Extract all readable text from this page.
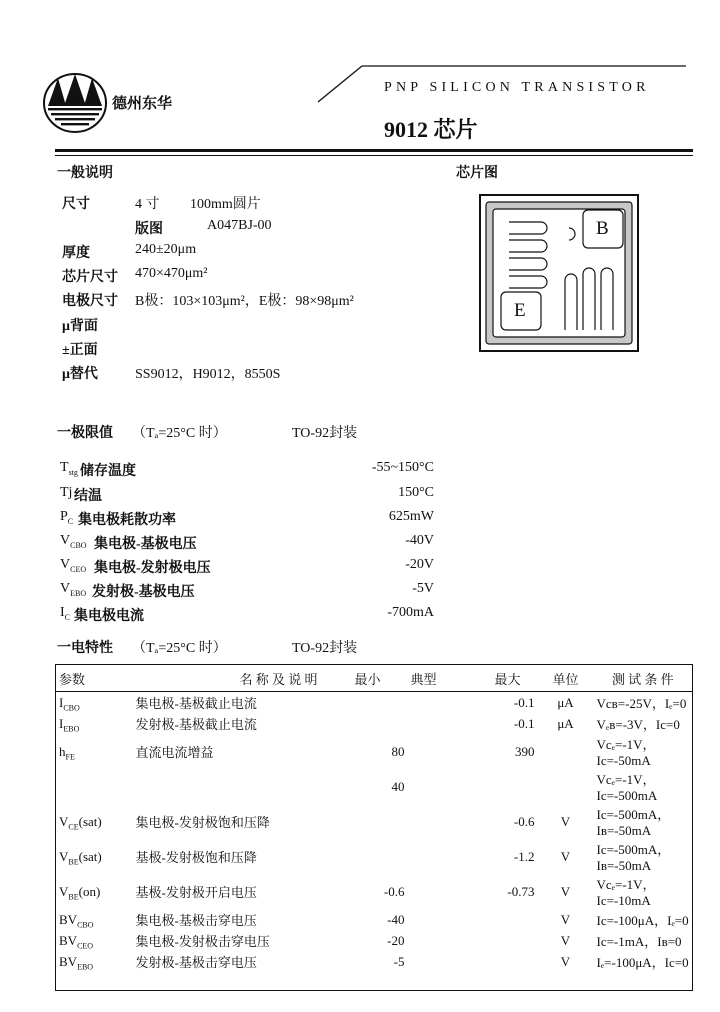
德州东华
PNP SILICON TRANSISTOR
9012 芯片
一般说明	芯片图
尺寸	4 寸 100mm圆片
版图	A047BJ-00
厚度	240±20μm
芯片尺寸 470×470μm²
电极尺寸 B极：103×103μm²，E极：98×98μm²
μ背面
±正面
μ替代	SS9012，H9012，8550S
B
E
一极限值 （Tₐ=25°C 时）	TO-92封装
$T_{stg}$ 储存温度	-55~150°C
Tj 结温	150°C
$P_C$ 集电极耗散功率	625mW
$V_{CBO}$ 集电极-基极电压	-40V
$V_{CEO}$ 集电极-发射极电压	-20V
$V_{EBO}$ 发射极-基极电压	-5V
$I_C$ 集电极电流	-700mA
一电特性 （Tₐ=25°C 时）	TO-92封装
参数	名 称 及 说 明	最小	典型	最大	单位	测 试 条 件
$I_{CBO}$	集电极-基极截止电流			-0.1	μA	Vсв=-25V，Iₑ=0
$I_{EBO}$	发射极-基极截止电流			-0.1	μA	Vₑв=-3V，Iс=0
$h_{FE}$	直流电流增益	80		390		Vсₑ=-1V，Iс=-50mA
		40				Vсₑ=-1V，Iс=-500mA
$V_{CE}(sat)$	集电极-发射极饱和压降			-0.6	V	Iс=-500mA，Iв=-50mA
$V_{BE}(sat)$	基极-发射极饱和压降			-1.2	V	Iс=-500mA，Iв=-50mA
$V_{BE}(on)$	基极-发射极开启电压	-0.6		-0.73	V	Vсₑ=-1V，Iс=-10mA
$BV_{CBO}$	集电极-基极击穿电压	-40			V	Iс=-100μA，Iₑ=0
$BV_{CEO}$	集电极-发射极击穿电压	-20			V	Iс=-1mA，Iв=0
$BV_{EBO}$	发射极-基极击穿电压	-5			V	Iₑ=-100μA，Iс=0
